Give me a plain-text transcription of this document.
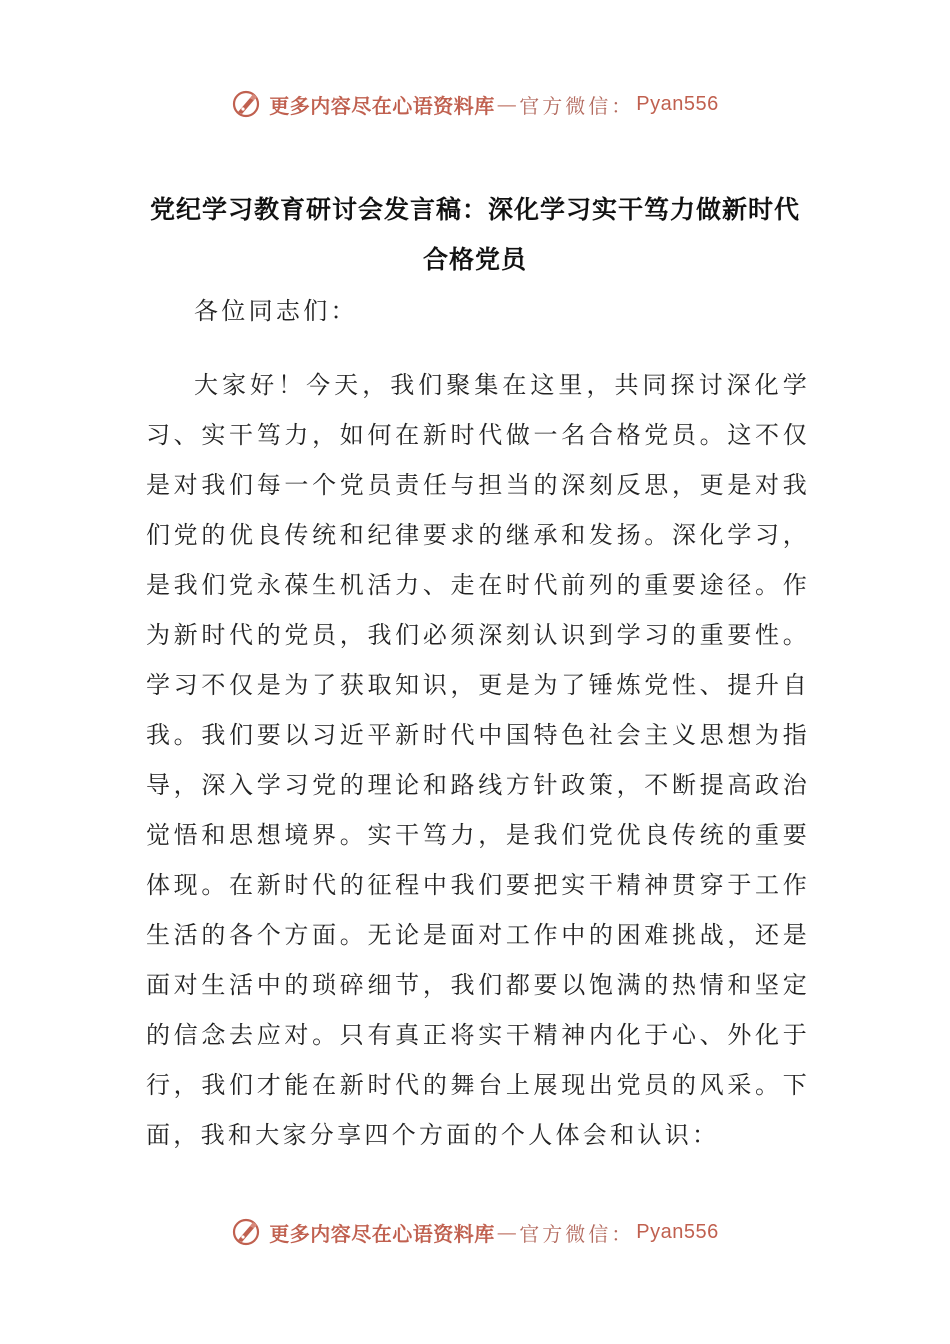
更多内容尽在心语资料库 — 官方微信： Pyan556
党纪学习教育研讨会发言稿：深化学习实干笃力做新时代合格党员

各位同志们：

大家好！今天，我们聚集在这里，共同探讨深化学习、实干笃力，如何在新时代做一名合格党员。这不仅是对我们每一个党员责任与担当的深刻反思，更是对我们党的优良传统和纪律要求的继承和发扬。深化学习，是我们党永葆生机活力、走在时代前列的重要途径。作为新时代的党员，我们必须深刻认识到学习的重要性。学习不仅是为了获取知识，更是为了锤炼党性、提升自我。我们要以习近平新时代中国特色社会主义思想为指导，深入学习党的理论和路线方针政策，不断提高政治觉悟和思想境界。实干笃力，是我们党优良传统的重要体现。在新时代的征程中我们要把实干精神贯穿于工作生活的各个方面。无论是面对工作中的困难挑战，还是面对生活中的琐碎细节，我们都要以饱满的热情和坚定的信念去应对。只有真正将实干精神内化于心、外化于行，我们才能在新时代的舞台上展现出党员的风采。下面，我和大家分享四个方面的个人体会和认识：

更多内容尽在心语资料库 — 官方微信： Pyan556
